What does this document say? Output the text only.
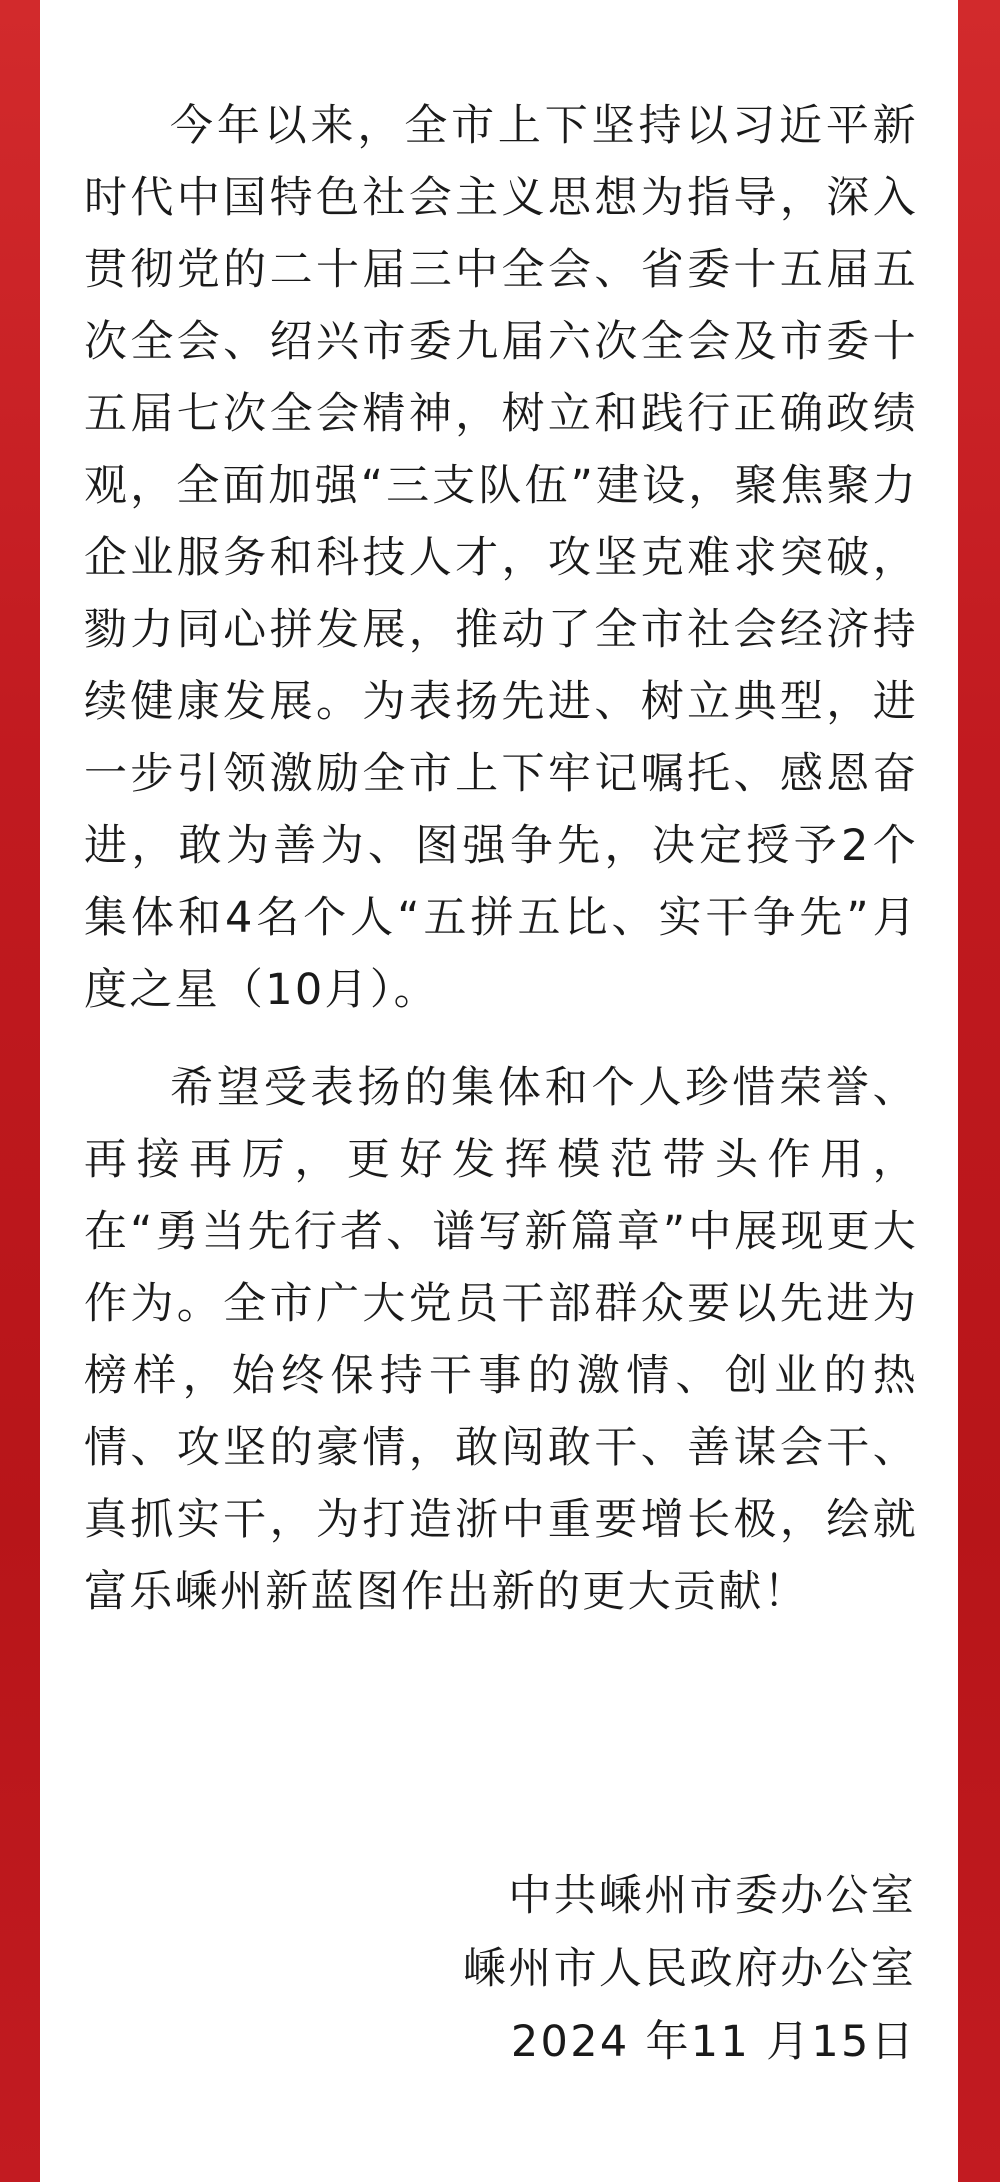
今年以来，全市上下坚持以习近平新时代中国特色社会主义思想为指导，深入贯彻党的二十届三中全会、省委十五届五次全会、绍兴市委九届六次全会及市委十五届七次全会精神，树立和践行正确政绩观，全面加强“三支队伍”建设，聚焦聚力企业服务和科技人才，攻坚克难求突破，勠力同心拼发展，推动了全市社会经济持续健康发展。为表扬先进、树立典型，进一步引领激励全市上下牢记嘱托、感恩奋进，敢为善为、图强争先，决定授予2个集体和4名个人“五拼五比、实干争先”月度之星（10月）。

希望受表扬的集体和个人珍惜荣誉、再接再厉，更好发挥模范带头作用，在“勇当先行者、谱写新篇章”中展现更大作为。全市广大党员干部群众要以先进为榜样，始终保持干事的激情、创业的热情、攻坚的豪情，敢闯敢干、善谋会干、真抓实干，为打造浙中重要增长极，绘就富乐嵊州新蓝图作出新的更大贡献！

中共嵊州市委办公室
嵊州市人民政府办公室
2024 年11 月15日
